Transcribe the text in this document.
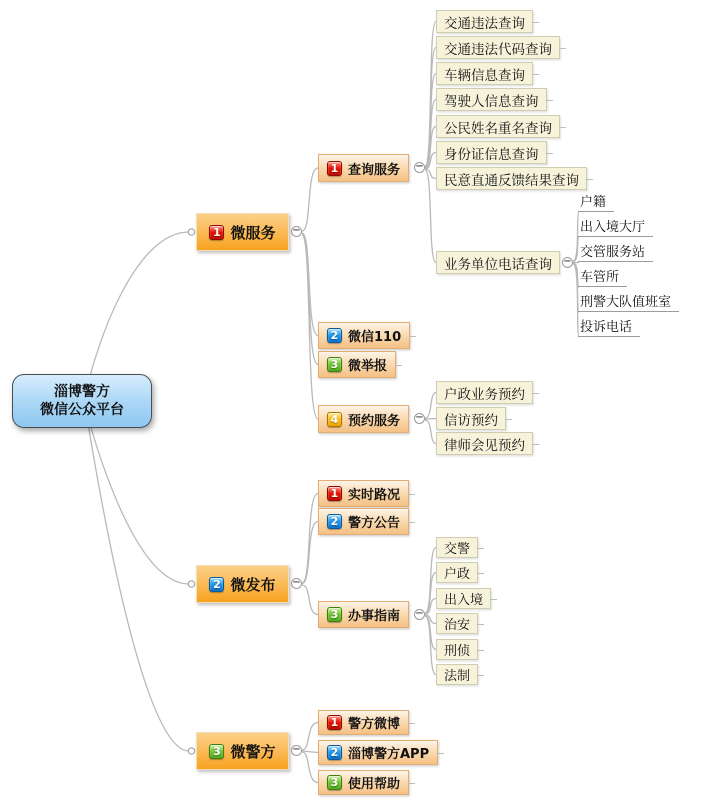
淄博警方
微信公众平台
1 微服务
1 查询服务
交通违法查询
交通违法代码查询
车辆信息查询
驾驶人信息查询
公民姓名重名查询
身份证信息查询
民意直通反馈结果查询
业务单位电话查询
户籍
出入境大厅
交管服务站
车管所
刑警大队值班室
投诉电话
2 微信110
3 微举报
4 预约服务
户政业务预约
信访预约
律师会见预约
2 微发布
1 实时路况
2 警方公告
3 办事指南
交警
户政
出入境
治安
刑侦
法制
3 微警方
1 警方微博
2 淄博警方APP
3 使用帮助
−
−
−
−
−
−
−
